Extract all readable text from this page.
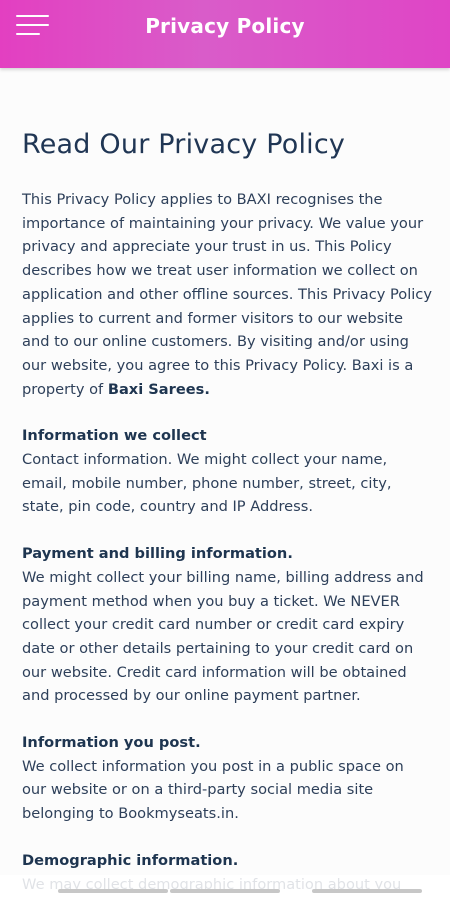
Privacy Policy
Read Our Privacy Policy

This Privacy Policy applies to BAXI recognises the importance of maintaining your privacy. We value your privacy and appreciate your trust in us. This Policy describes how we treat user information we collect on application and other offline sources. This Privacy Policy applies to current and former visitors to our website and to our online customers. By visiting and/or using our website, you agree to this Privacy Policy. Baxi is a property of Baxi Sarees.

Information we collect
Contact information. We might collect your name, email, mobile number, phone number, street, city, state, pin code, country and IP Address.

Payment and billing information.
We might collect your billing name, billing address and payment method when you buy a ticket. We NEVER collect your credit card number or credit card expiry date or other details pertaining to your credit card on our website. Credit card information will be obtained and processed by our online payment partner.

Information you post.
We collect information you post in a public space on our website or on a third-party social media site belonging to Bookmyseats.in.

Demographic information.
